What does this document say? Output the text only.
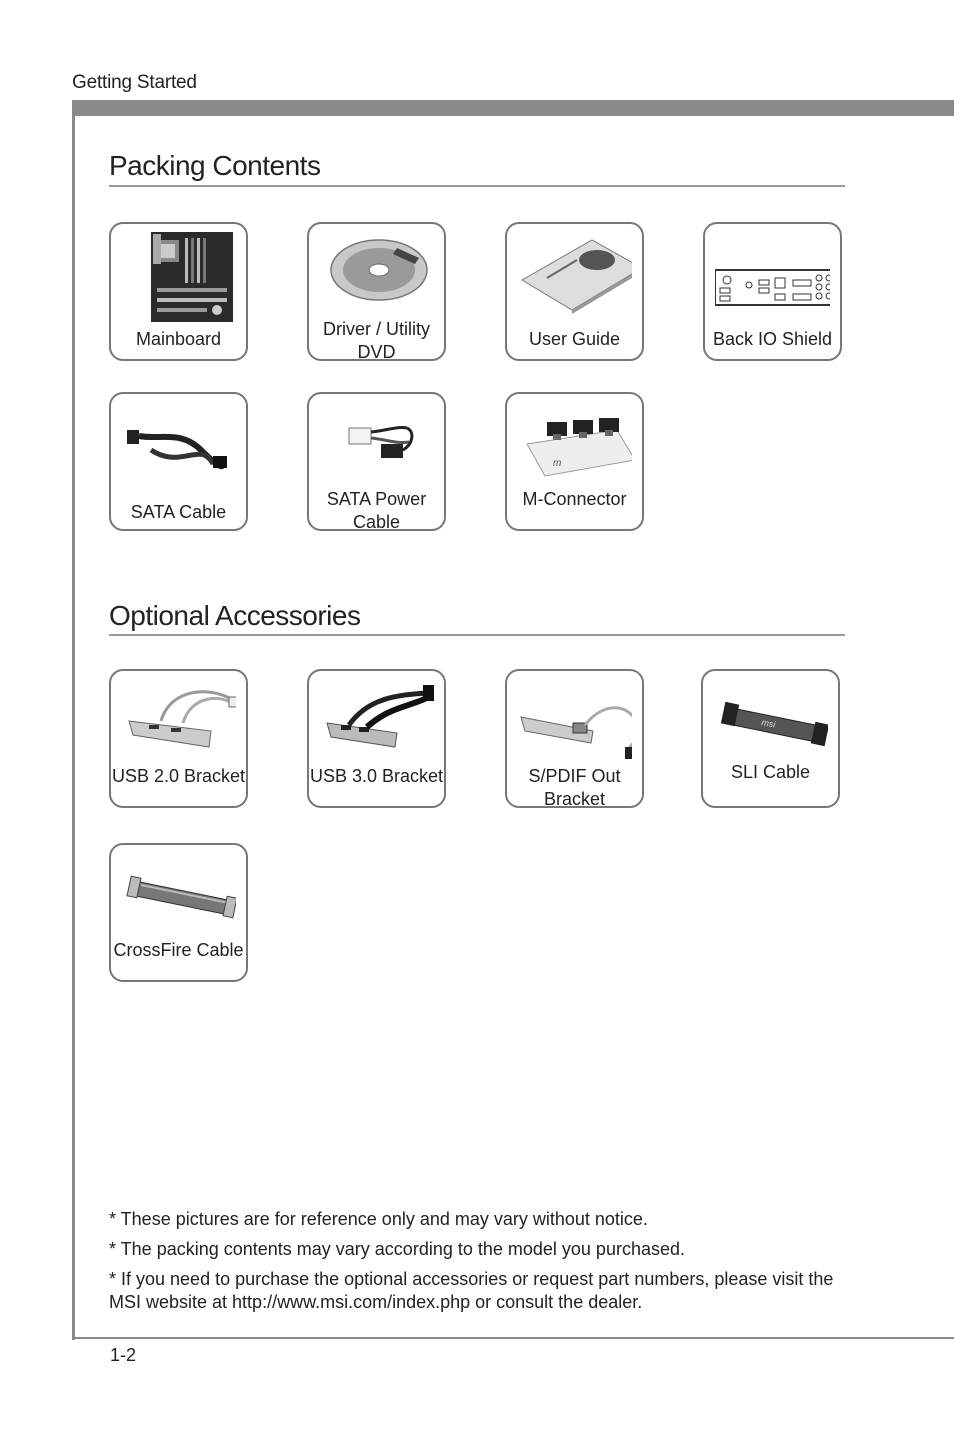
Getting Started
Packing Contents
Mainboard	Driver / Utility DVD
User Guide	Back IO Shield
SATA Cable
SATA Power Cable
m
M-Connector
Optional Accessories
USB 2.0 Bracket	USB 3.0 Bracket	S/PDIF Out Bracket
msi
SLI Cable
CrossFire Cable

* These pictures are for reference only and may vary without notice.

* The packing contents may vary according to the model you purchased.

* If you need to purchase the optional accessories or request part numbers, please visit the MSI website at http://www.msi.com/index.php or consult the dealer.

1-2
